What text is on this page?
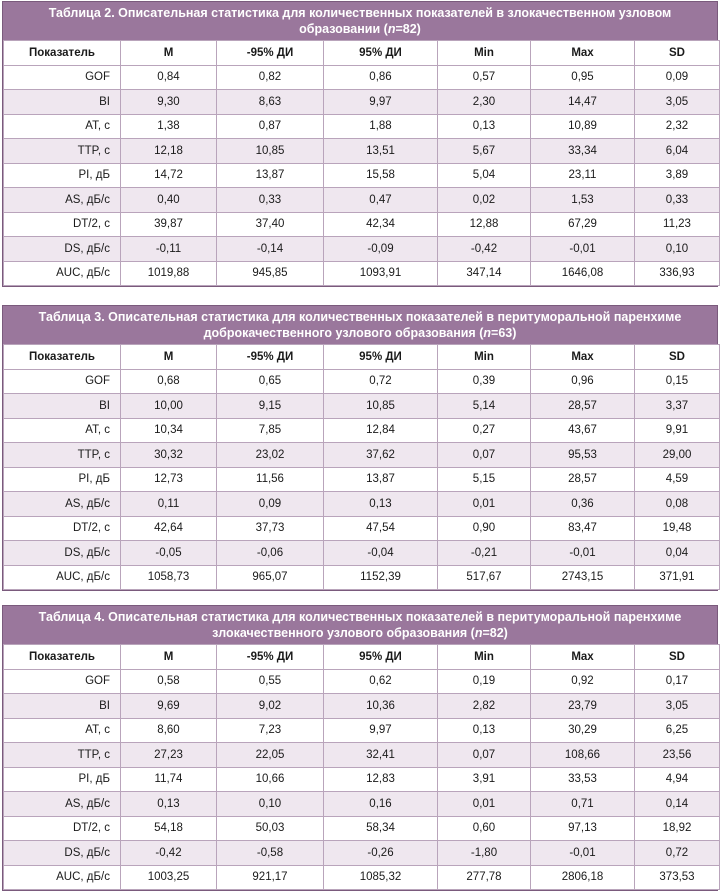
Таблица 2. Описательная статистика для количественных показателей в злокачественном узловом образовании (n=82)
Показатель	M	-95% ДИ	95% ДИ	Min	Max	SD
GOF	0,84	0,82	0,86	0,57	0,95	0,09
BI	9,30	8,63	9,97	2,30	14,47	3,05
AT, с	1,38	0,87	1,88	0,13	10,89	2,32
TTP, с	12,18	10,85	13,51	5,67	33,34	6,04
PI, дБ	14,72	13,87	15,58	5,04	23,11	3,89
AS, дБ/с	0,40	0,33	0,47	0,02	1,53	0,33
DT/2, с	39,87	37,40	42,34	12,88	67,29	11,23
DS, дБ/с	-0,11	-0,14	-0,09	-0,42	-0,01	0,10
AUC, дБ/с	1019,88	945,85	1093,91	347,14	1646,08	336,93
Таблица 3. Описательная статистика для количественных показателей в перитуморальной паренхиме доброкачественного узлового образования (n=63)
Показатель	M	-95% ДИ	95% ДИ	Min	Max	SD
GOF	0,68	0,65	0,72	0,39	0,96	0,15
BI	10,00	9,15	10,85	5,14	28,57	3,37
AT, с	10,34	7,85	12,84	0,27	43,67	9,91
TTP, с	30,32	23,02	37,62	0,07	95,53	29,00
PI, дБ	12,73	11,56	13,87	5,15	28,57	4,59
AS, дБ/с	0,11	0,09	0,13	0,01	0,36	0,08
DT/2, с	42,64	37,73	47,54	0,90	83,47	19,48
DS, дБ/с	-0,05	-0,06	-0,04	-0,21	-0,01	0,04
AUC, дБ/с	1058,73	965,07	1152,39	517,67	2743,15	371,91
Таблица 4. Описательная статистика для количественных показателей в перитуморальной паренхиме злокачественного узлового образования (n=82)
Показатель	M	-95% ДИ	95% ДИ	Min	Max	SD
GOF	0,58	0,55	0,62	0,19	0,92	0,17
BI	9,69	9,02	10,36	2,82	23,79	3,05
AT, с	8,60	7,23	9,97	0,13	30,29	6,25
TTP, с	27,23	22,05	32,41	0,07	108,66	23,56
PI, дБ	11,74	10,66	12,83	3,91	33,53	4,94
AS, дБ/с	0,13	0,10	0,16	0,01	0,71	0,14
DT/2, с	54,18	50,03	58,34	0,60	97,13	18,92
DS, дБ/с	-0,42	-0,58	-0,26	-1,80	-0,01	0,72
AUC, дБ/с	1003,25	921,17	1085,32	277,78	2806,18	373,53
